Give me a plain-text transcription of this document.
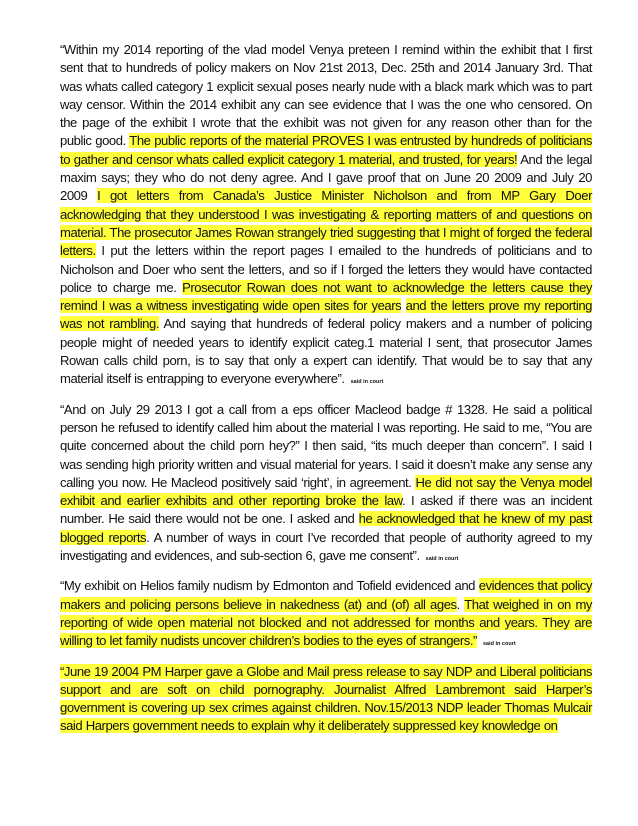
“Within my 2014 reporting of the vlad model Venya preteen I remind within the exhibit that I first sent that to hundreds of policy makers on Nov 21st 2013, Dec. 25th and 2014 January 3rd. That was whats called category 1 explicit sexual poses nearly nude with a black mark which was to part way censor. Within the 2014 exhibit any can see evidence that I was the one who censored. On the page of the exhibit I wrote that the exhibit was not given for any reason other than for the public good. The public reports of the material PROVES I was entrusted by hundreds of politicians to gather and censor whats called explicit category 1 material, and trusted, for years! And the legal maxim says; they who do not deny agree. And I gave proof that on June 20 2009 and July 20 2009 I got letters from Canada’s Justice Minister Nicholson and from MP Gary Doer acknowledging that they understood I was investigating & reporting matters of and questions on material. The prosecutor James Rowan strangely tried suggesting that I might of forged the federal letters. I put the letters within the report pages I emailed to the hundreds of politicians and to Nicholson and Doer who sent the letters, and so if I forged the letters they would have contacted police to charge me. Prosecutor Rowan does not want to acknowledge the letters cause they remind I was a witness investigating wide open sites for years and the letters prove my reporting was not rambling. And saying that hundreds of federal policy makers and a number of policing people might of needed years to identify explicit categ.1 material I sent, that prosecutor James Rowan calls child porn, is to say that only a expert can identify. That would be to say that any material itself is entrapping to everyone everywhere”. said in court

“And on July 29 2013 I got a call from a eps officer Macleod badge # 1328. He said a political person he refused to identify called him about the material I was reporting. He said to me, “You are quite concerned about the child porn hey?” I then said, “its much deeper than concern”. I said I was sending high priority written and visual material for years. I said it doesn’t make any sense any calling you now. He Macleod positively said ‘right’, in agreement. He did not say the Venya model exhibit and earlier exhibits and other reporting broke the law. I asked if there was an incident number. He said there would not be one. I asked and he acknowledged that he knew of my past blogged reports. A number of ways in court I’ve recorded that people of authority agreed to my investigating and evidences, and sub-section 6, gave me consent”. said in court

“My exhibit on Helios family nudism by Edmonton and Tofield evidenced and evidences that policy makers and policing persons believe in nakedness (at) and (of) all ages. That weighed in on my reporting of wide open material not blocked and not addressed for months and years. They are willing to let family nudists uncover children’s bodies to the eyes of strangers.” said in court

“June 19 2004 PM Harper gave a Globe and Mail press release to say NDP and Liberal politicians support and are soft on child pornography. Journalist Alfred Lambremont said Harper’s government is covering up sex crimes against children. Nov.15/2013 NDP leader Thomas Mulcair said Harpers government needs to explain why it deliberately suppressed key knowledge on
